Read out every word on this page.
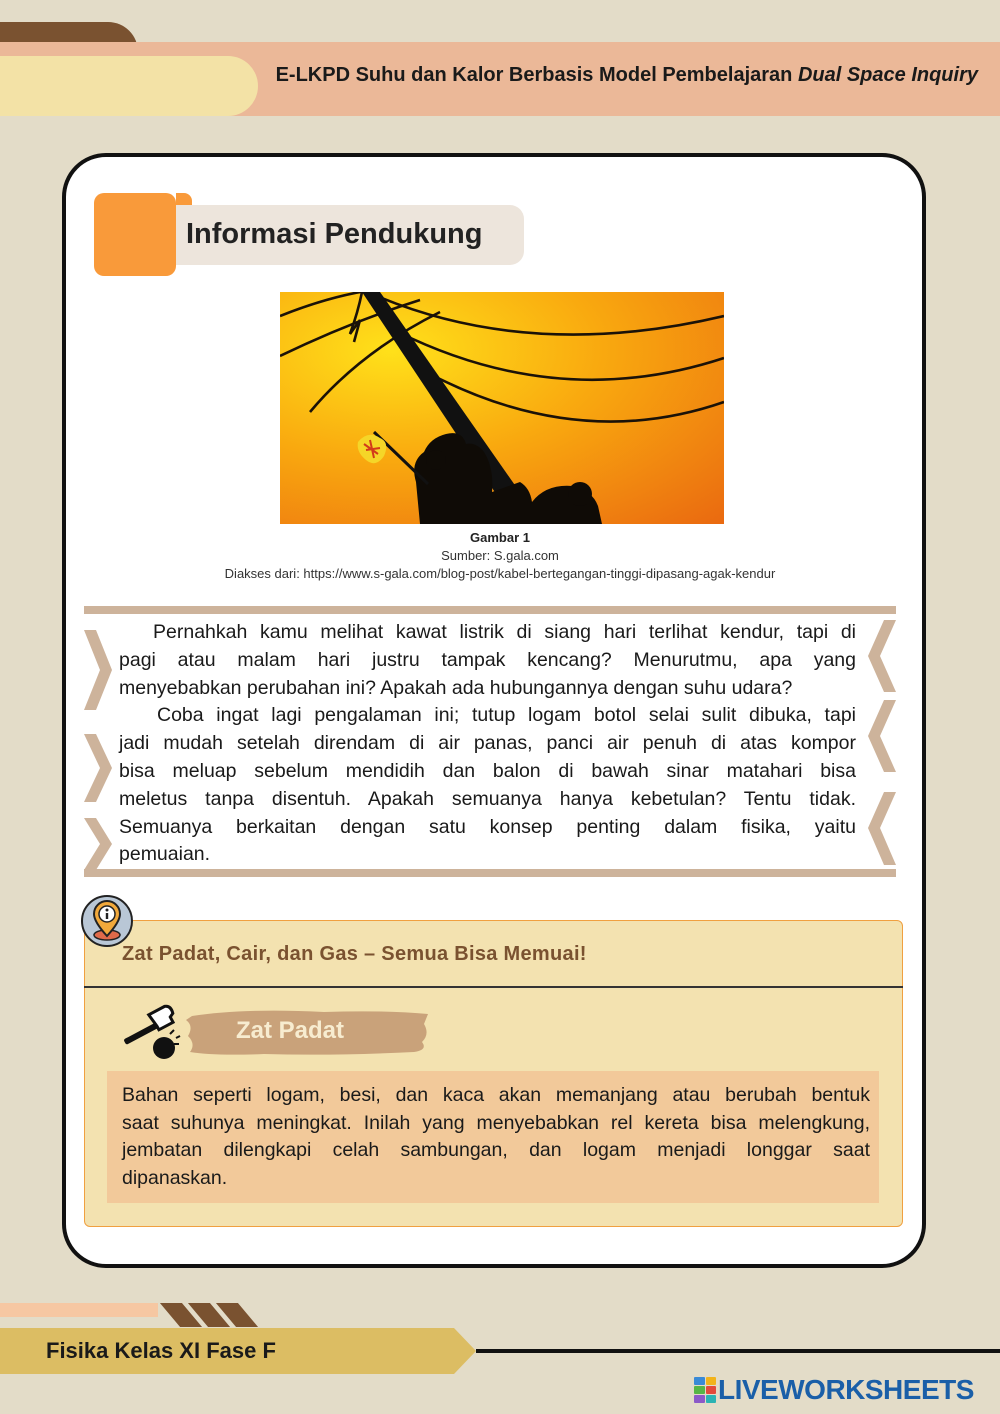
E-LKPD Suhu dan Kalor Berbasis Model Pembelajaran Dual Space Inquiry
Informasi Pendukung
Gambar 1
Sumber: S.gala.com
Diakses dari: https://www.s-gala.com/blog-post/kabel-bertegangan-tinggi-dipasang-agak-kendur
Pernahkah kamu melihat kawat listrik di siang hari terlihat kendur, tapi di
pagi atau malam hari justru tampak kencang? Menurutmu, apa yang
menyebabkan perubahan ini? Apakah ada hubungannya dengan suhu udara?
Coba ingat lagi pengalaman ini; tutup logam botol selai sulit dibuka, tapi
jadi mudah setelah direndam di air panas, panci air penuh di atas kompor
bisa meluap sebelum mendidih dan balon di bawah sinar matahari bisa
meletus tanpa disentuh. Apakah semuanya hanya kebetulan? Tentu tidak.
Semuanya berkaitan dengan satu konsep penting dalam fisika, yaitu
pemuaian.
Zat Padat, Cair, dan Gas – Semua Bisa Memuai!
Zat Padat
Bahan seperti logam, besi, dan kaca akan memanjang atau berubah bentuk
saat suhunya meningkat. Inilah yang menyebabkan rel kereta bisa melengkung,
jembatan dilengkapi celah sambungan, dan logam menjadi longgar saat
dipanaskan.
Fisika Kelas XI Fase F
LIVEWORKSHEETS
